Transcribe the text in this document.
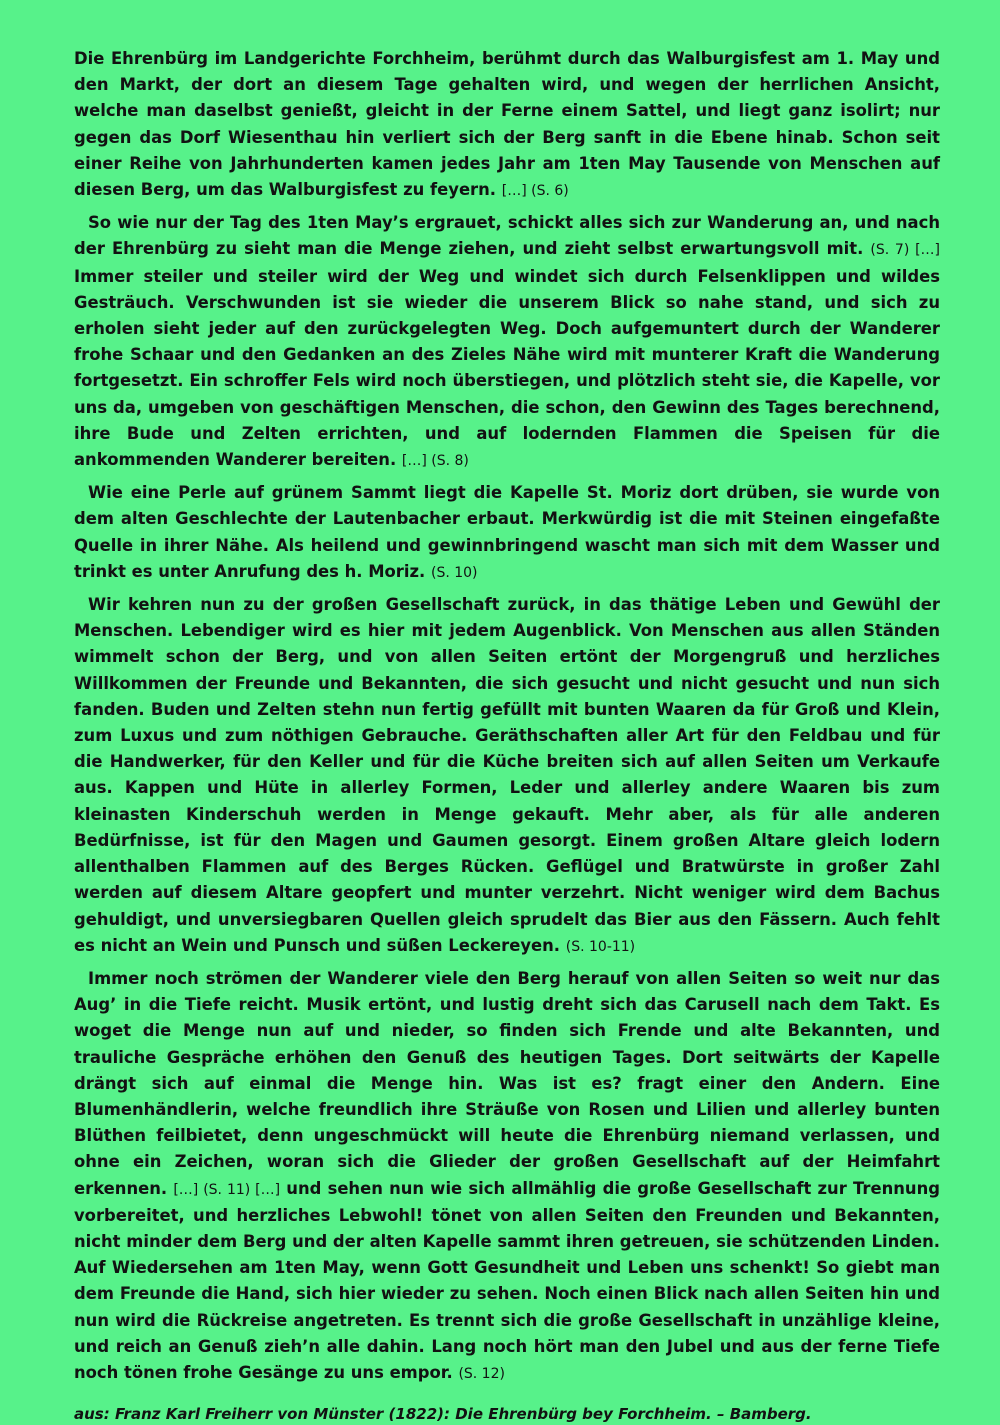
Die Ehrenbürg im Landgerichte Forchheim, berühmt durch das Walburgisfest am 1. May und den Markt, der dort an diesem Tage gehalten wird, und wegen der herrlichen Ansicht, welche man daselbst genießt, gleicht in der Ferne einem Sattel, und liegt ganz isolirt; nur gegen das Dorf Wiesenthau hin verliert sich der Berg sanft in die Ebene hinab. Schon seit einer Reihe von Jahrhunderten kamen jedes Jahr am 1ten May Tausende von Menschen auf diesen Berg, um das Walburgisfest zu feyern. […] (S. 6)

So wie nur der Tag des 1ten May’s ergrauet, schickt alles sich zur Wanderung an, und nach der Ehrenbürg zu sieht man die Menge ziehen, und zieht selbst erwartungsvoll mit. (S. 7) […] Immer steiler und steiler wird der Weg und windet sich durch Felsenklippen und wildes Gesträuch. Verschwunden ist sie wieder die unserem Blick so nahe stand, und sich zu erholen sieht jeder auf den zurückgelegten Weg. Doch aufgemuntert durch der Wanderer frohe Schaar und den Gedanken an des Zieles Nähe wird mit munterer Kraft die Wanderung fortgesetzt. Ein schroffer Fels wird noch überstiegen, und plötzlich steht sie, die Kapelle, vor uns da, umgeben von geschäftigen Menschen, die schon, den Gewinn des Tages berechnend, ihre Bude und Zelten errichten, und auf lodernden Flammen die Speisen für die ankommenden Wanderer bereiten. […] (S. 8)

Wie eine Perle auf grünem Sammt liegt die Kapelle St. Moriz dort drüben, sie wurde von dem alten Geschlechte der Lautenbacher erbaut. Merkwürdig ist die mit Steinen eingefaßte Quelle in ihrer Nähe. Als heilend und gewinnbringend wascht man sich mit dem Wasser und trinkt es unter Anrufung des h. Moriz. (S. 10)

Wir kehren nun zu der großen Gesellschaft zurück, in das thätige Leben und Gewühl der Menschen. Lebendiger wird es hier mit jedem Augenblick. Von Menschen aus allen Ständen wimmelt schon der Berg, und von allen Seiten ertönt der Morgengruß und herzliches Willkommen der Freunde und Bekannten, die sich gesucht und nicht gesucht und nun sich fanden. Buden und Zelten stehn nun fertig gefüllt mit bunten Waaren da für Groß und Klein, zum Luxus und zum nöthigen Gebrauche. Geräthschaften aller Art für den Feldbau und für die Handwerker, für den Keller und für die Küche breiten sich auf allen Seiten um Verkaufe aus. Kappen und Hüte in allerley Formen, Leder und allerley andere Waaren bis zum kleinasten Kinderschuh werden in Menge gekauft. Mehr aber, als für alle anderen Bedürfnisse, ist für den Magen und Gaumen gesorgt. Einem großen Altare gleich lodern allenthalben Flammen auf des Berges Rücken. Geflügel und Bratwürste in großer Zahl werden auf diesem Altare geopfert und munter verzehrt. Nicht weniger wird dem Bachus gehuldigt, und unversiegbaren Quellen gleich sprudelt das Bier aus den Fässern. Auch fehlt es nicht an Wein und Punsch und süßen Leckereyen. (S. 10-11)

Immer noch strömen der Wanderer viele den Berg herauf von allen Seiten so weit nur das Aug’ in die Tiefe reicht. Musik ertönt, und lustig dreht sich das Carusell nach dem Takt. Es woget die Menge nun auf und nieder, so finden sich Frende und alte Bekannten, und trauliche Gespräche erhöhen den Genuß des heutigen Tages. Dort seitwärts der Kapelle drängt sich auf einmal die Menge hin. Was ist es? fragt einer den Andern. Eine Blumenhändlerin, welche freundlich ihre Sträuße von Rosen und Lilien und allerley bunten Blüthen feilbietet, denn ungeschmückt will heute die Ehrenbürg niemand verlassen, und ohne ein Zeichen, woran sich die Glieder der großen Gesellschaft auf der Heimfahrt erkennen. […] (S. 11) […] und sehen nun wie sich allmählig die große Gesellschaft zur Trennung vorbereitet, und herzliches Lebwohl! tönet von allen Seiten den Freunden und Bekannten, nicht minder dem Berg und der alten Kapelle sammt ihren getreuen, sie schützenden Linden. Auf Wiedersehen am 1ten May, wenn Gott Gesundheit und Leben uns schenkt! So giebt man dem Freunde die Hand, sich hier wieder zu sehen. Noch einen Blick nach allen Seiten hin und nun wird die Rückreise angetreten. Es trennt sich die große Gesellschaft in unzählige kleine, und reich an Genuß zieh’n alle dahin. Lang noch hört man den Jubel und aus der ferne Tiefe noch tönen frohe Gesänge zu uns empor. (S. 12)

aus: Franz Karl Freiherr von Münster (1822): Die Ehrenbürg bey Forchheim. – Bamberg.
